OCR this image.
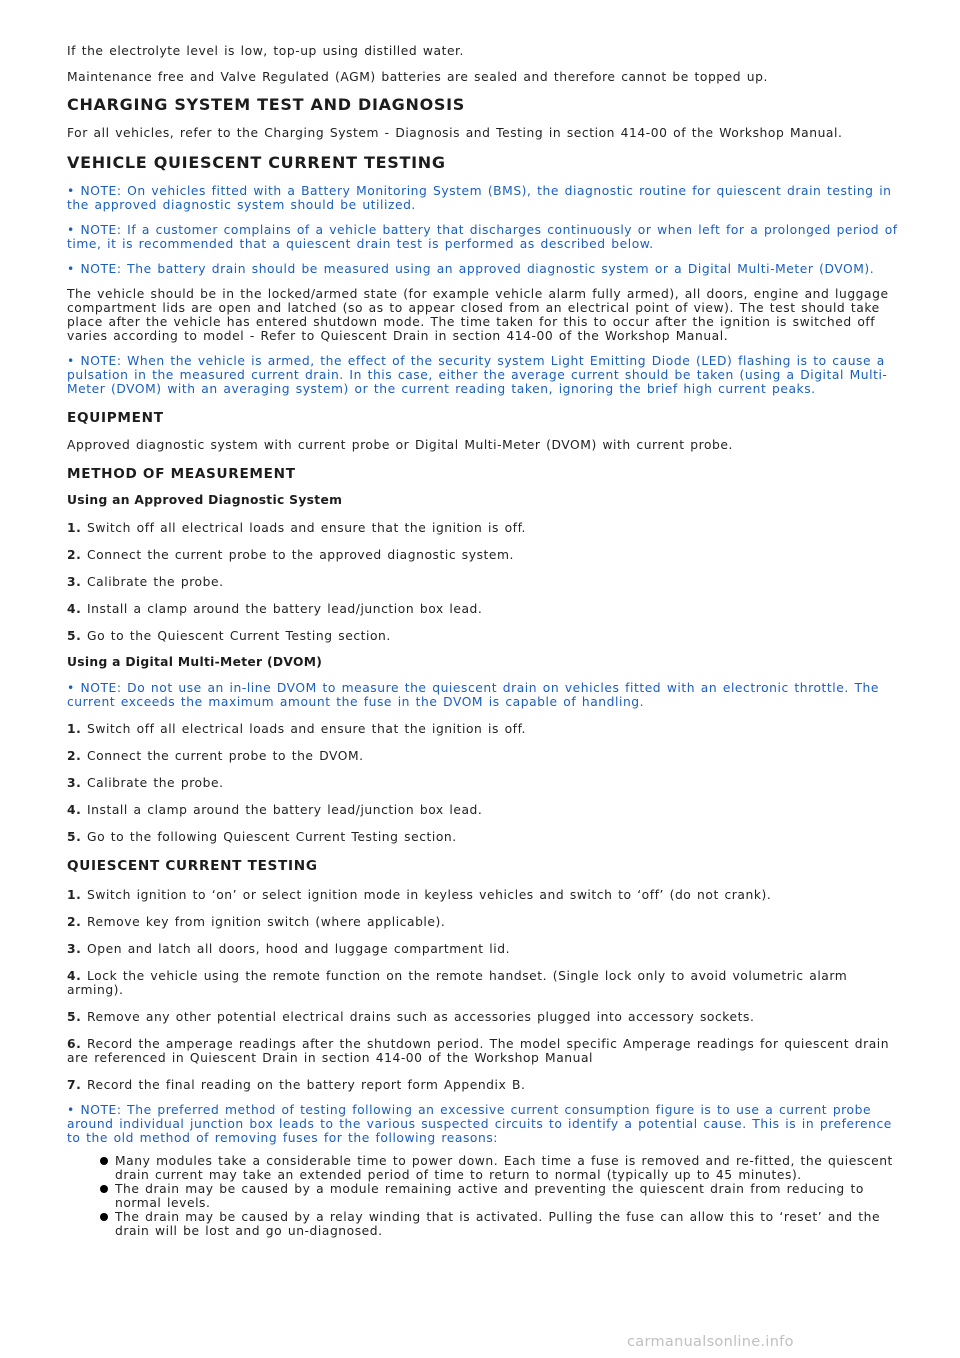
If the electrolyte level is low, top-up using distilled water.

Maintenance free and Valve Regulated (AGM) batteries are sealed and therefore cannot be topped up.

CHARGING SYSTEM TEST AND DIAGNOSIS

For all vehicles, refer to the Charging System - Diagnosis and Testing in section 414-00 of the Workshop Manual.

VEHICLE QUIESCENT CURRENT TESTING

• NOTE: On vehicles fitted with a Battery Monitoring System (BMS), the diagnostic routine for quiescent drain testing in the approved diagnostic system should be utilized.

• NOTE: If a customer complains of a vehicle battery that discharges continuously or when left for a prolonged period of time, it is recommended that a quiescent drain test is performed as described below.

• NOTE: The battery drain should be measured using an approved diagnostic system or a Digital Multi-Meter (DVOM).

The vehicle should be in the locked/armed state (for example vehicle alarm fully armed), all doors, engine and luggage compartment lids are open and latched (so as to appear closed from an electrical point of view). The test should take place after the vehicle has entered shutdown mode. The time taken for this to occur after the ignition is switched off varies according to model - Refer to Quiescent Drain in section 414-00 of the Workshop Manual.

• NOTE: When the vehicle is armed, the effect of the security system Light Emitting Diode (LED) flashing is to cause a pulsation in the measured current drain. In this case, either the average current should be taken (using a Digital Multi-Meter (DVOM) with an averaging system) or the current reading taken, ignoring the brief high current peaks.

EQUIPMENT

Approved diagnostic system with current probe or Digital Multi-Meter (DVOM) with current probe.

METHOD OF MEASUREMENT
Using an Approved Diagnostic System

1. Switch off all electrical loads and ensure that the ignition is off.

2. Connect the current probe to the approved diagnostic system.

3. Calibrate the probe.

4. Install a clamp around the battery lead/junction box lead.

5. Go to the Quiescent Current Testing section.

Using a Digital Multi-Meter (DVOM)

• NOTE: Do not use an in-line DVOM to measure the quiescent drain on vehicles fitted with an electronic throttle. The current exceeds the maximum amount the fuse in the DVOM is capable of handling.

1. Switch off all electrical loads and ensure that the ignition is off.

2. Connect the current probe to the DVOM.

3. Calibrate the probe.

4. Install a clamp around the battery lead/junction box lead.

5. Go to the following Quiescent Current Testing section.

QUIESCENT CURRENT TESTING

1. Switch ignition to ‘on’ or select ignition mode in keyless vehicles and switch to ‘off’ (do not crank).

2. Remove key from ignition switch (where applicable).

3. Open and latch all doors, hood and luggage compartment lid.

4. Lock the vehicle using the remote function on the remote handset. (Single lock only to avoid volumetric alarm arming).

5. Remove any other potential electrical drains such as accessories plugged into accessory sockets.

6. Record the amperage readings after the shutdown period. The model specific Amperage readings for quiescent drain are referenced in Quiescent Drain in section 414-00 of the Workshop Manual

7. Record the final reading on the battery report form Appendix B.

• NOTE: The preferred method of testing following an excessive current consumption figure is to use a current probe around individual junction box leads to the various suspected circuits to identify a potential cause. This is in preference to the old method of removing fuses for the following reasons:

Many modules take a considerable time to power down. Each time a fuse is removed and re-fitted, the quiescent drain current may take an extended period of time to return to normal (typically up to 45 minutes).
The drain may be caused by a module remaining active and preventing the quiescent drain from reducing to normal levels.
The drain may be caused by a relay winding that is activated. Pulling the fuse can allow this to ‘reset’ and the drain will be lost and go un-diagnosed.
carmanualsonline.info
